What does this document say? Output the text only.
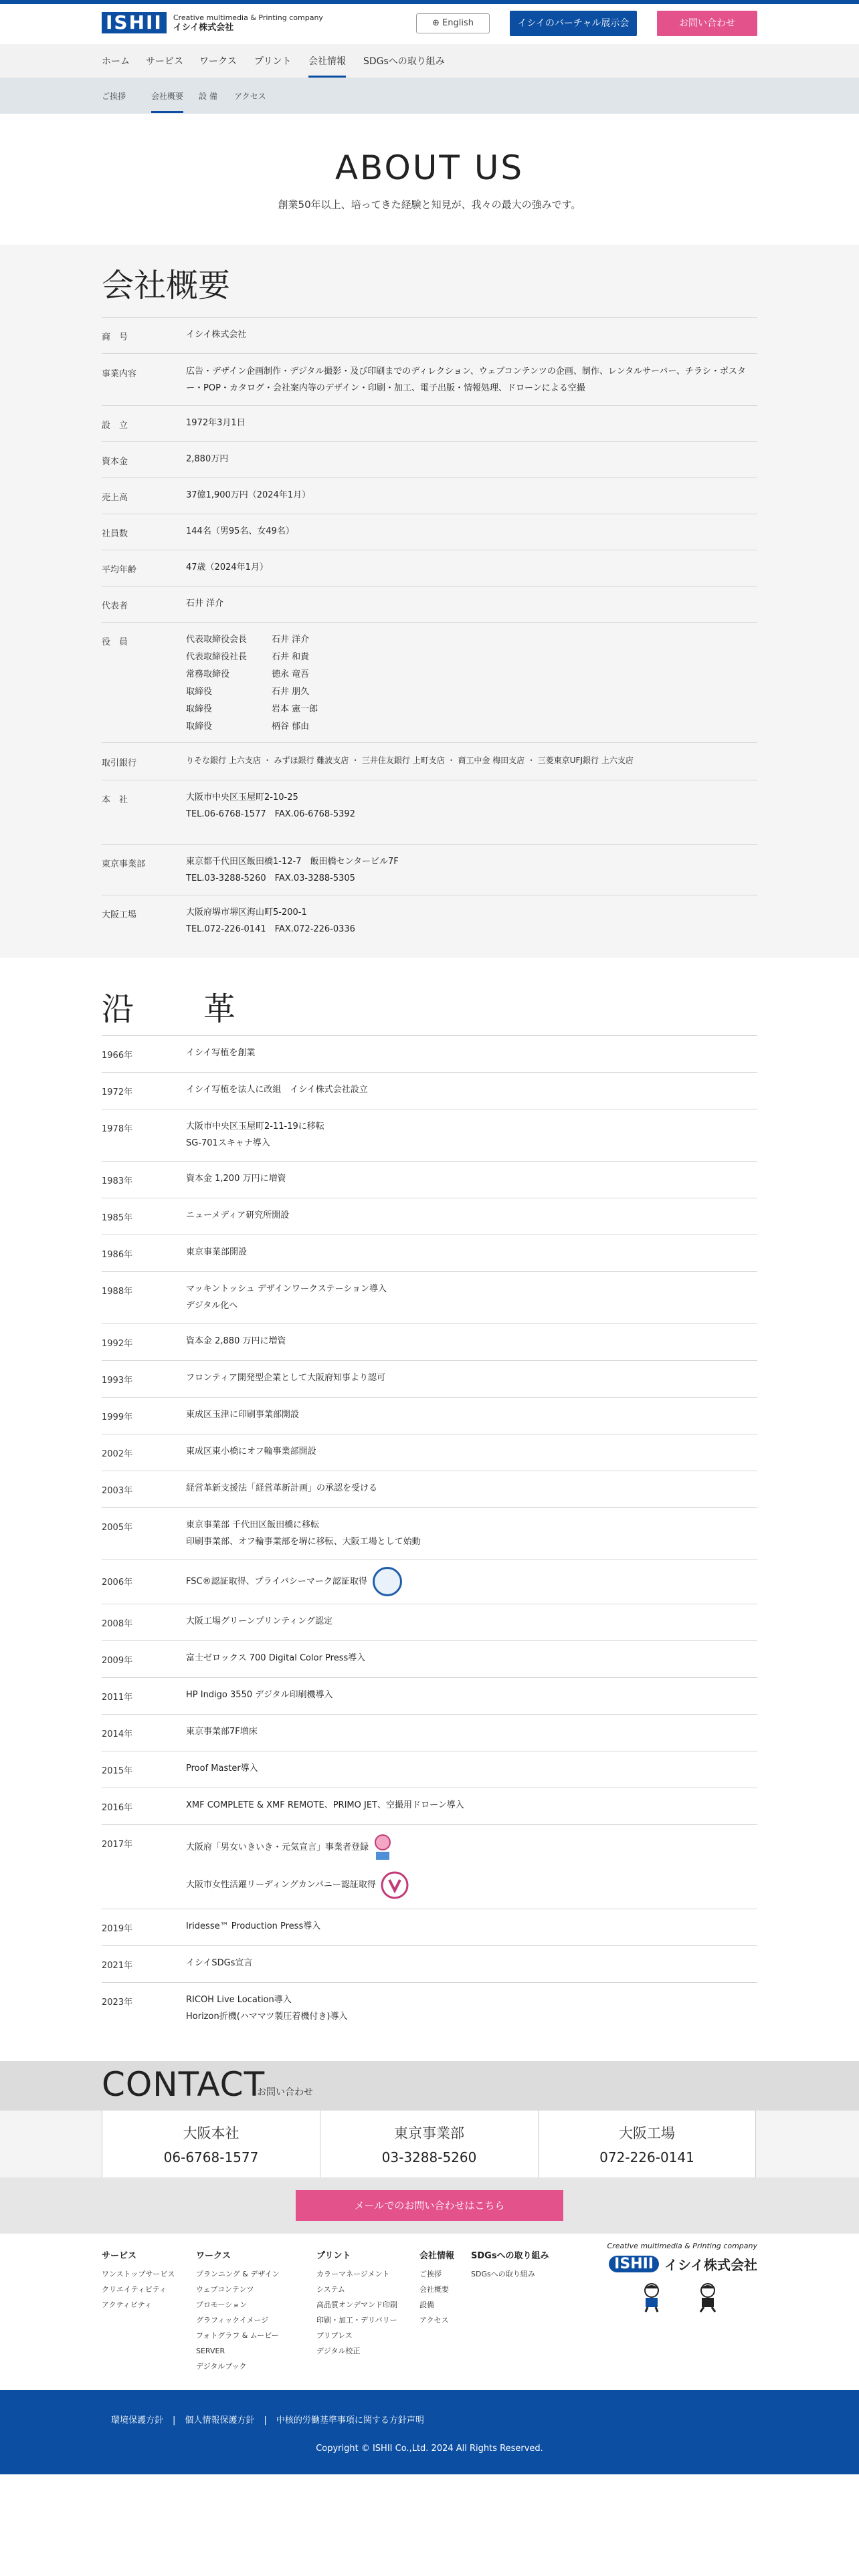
ISHII	Creative multimedia & Printing company
イシイ株式会社	⊕ English	イシイのバーチャル展示会	お問い合わせ
ホーム サービス ワークス プリント 会社情報 SDGsへの取り組み
ご挨拶	会社概要 設 備 アクセス
ABOUT US
創業50年以上、培ってきた経験と知見が、我々の最大の強みです。
会社概要
商　号	イシイ株式会社
事業内容	広告・デザイン企画制作・デジタル撮影・及び印刷までのディレクション、ウェブコンテンツの企画、制作、レンタルサーバー、チラシ・ポスター・POP・カタログ・会社案内等のデザイン・印刷・加工、電子出版・情報処理、ドローンによる空撮
設　立	1972年3月1日
資本金	2,880万円
売上高	37億1,900万円（2024年1月）
社員数	144名（男95名、女49名）
平均年齢	47歳（2024年1月）
代表者	石井 洋介
役　員	代表取締役会長	石井 洋介
代表取締役社長	石井 和貴
常務取締役	徳永 竜吾
取締役	石井 朋久
取締役	岩本 憲一郎
取締役	柄谷 郁由
取引銀行	りそな銀行 上六支店 ・ みずほ銀行 難波支店 ・ 三井住友銀行 上町支店 ・ 商工中金 梅田支店 ・ 三菱東京UFJ銀行 上六支店
本　社	大阪市中央区玉屋町2-10-25
TEL.06-6768-1577　FAX.06-6768-5392
東京事業部	東京都千代田区飯田橋1-12-7　飯田橋センタービル7F
TEL.03-3288-5260　FAX.03-3288-5305
大阪工場	大阪府堺市堺区海山町5-200-1
TEL.072-226-0141　FAX.072-226-0336
沿　革
1966年	イシイ写植を創業
1972年	イシイ写植を法人に改組　イシイ株式会社設立
1978年	大阪市中央区玉屋町2-11-19に移転
SG-701スキャナ導入
1983年	資本金 1,200 万円に増資
1985年	ニューメディア研究所開設
1986年	東京事業部開設
1988年	マッキントッシュ デザインワークステーション導入
デジタル化へ
1992年	資本金 2,880 万円に増資
1993年	フロンティア開発型企業として大阪府知事より認可
1999年	東成区玉津に印刷事業部開設
2002年	東成区東小橋にオフ輪事業部開設
2003年	経営革新支援法「経営革新計画」の承認を受ける
2005年	東京事業部 千代田区飯田橋に移転
印刷事業部、オフ輪事業部を堺に移転、大阪工場として始動
2006年	FSC®認証取得、プライバシーマーク認証取得
2008年	大阪工場グリーンプリンティング認定
2009年	富士ゼロックス 700 Digital Color Press導入
2011年	HP Indigo 3550 デジタル印刷機導入
2014年	東京事業部7F増床
2015年	Proof Master導入
2016年	XMF COMPLETE & XMF REMOTE、PRIMO JET、空撮用ドローン導入
2017年	大阪府「男女いきいき・元気宣言」事業者登録
大阪市女性活躍リーディングカンパニー認証取得
2019年	Iridesse™ Production Press導入
2021年	イシイSDGs宣言
2023年	RICOH Live Location導入
Horizon折機(ハママツ製圧着機付き)導入
CONTACT
お問い合わせ
大阪本社
06-6768-1577
東京事業部
03-3288-5260
大阪工場
072-226-0141
メールでのお問い合わせはこちら
サービス
ワンストップサービス
クリエイティビティ
アクティビティ
ワークス
プランニング & デザイン
ウェブコンテンツ
プロモーション
グラフィックイメージ
フォトグラフ & ムービー
SERVER
デジタルブック
プリント
カラーマネージメント
システム
高品質オンデマンド印刷
印刷・加工・デリバリー
プリプレス
デジタル校正
会社情報
ご挨拶
会社概要
設備
アクセス
SDGsへの取り組み
SDGsへの取り組み
Creative multimedia & Printing company
ISHII イシイ株式会社
環境保護方針 | 個人情報保護方針 | 中核的労働基準事項に関する方針声明
Copyright © ISHII Co.,Ltd. 2024 All Rights Reserved.
